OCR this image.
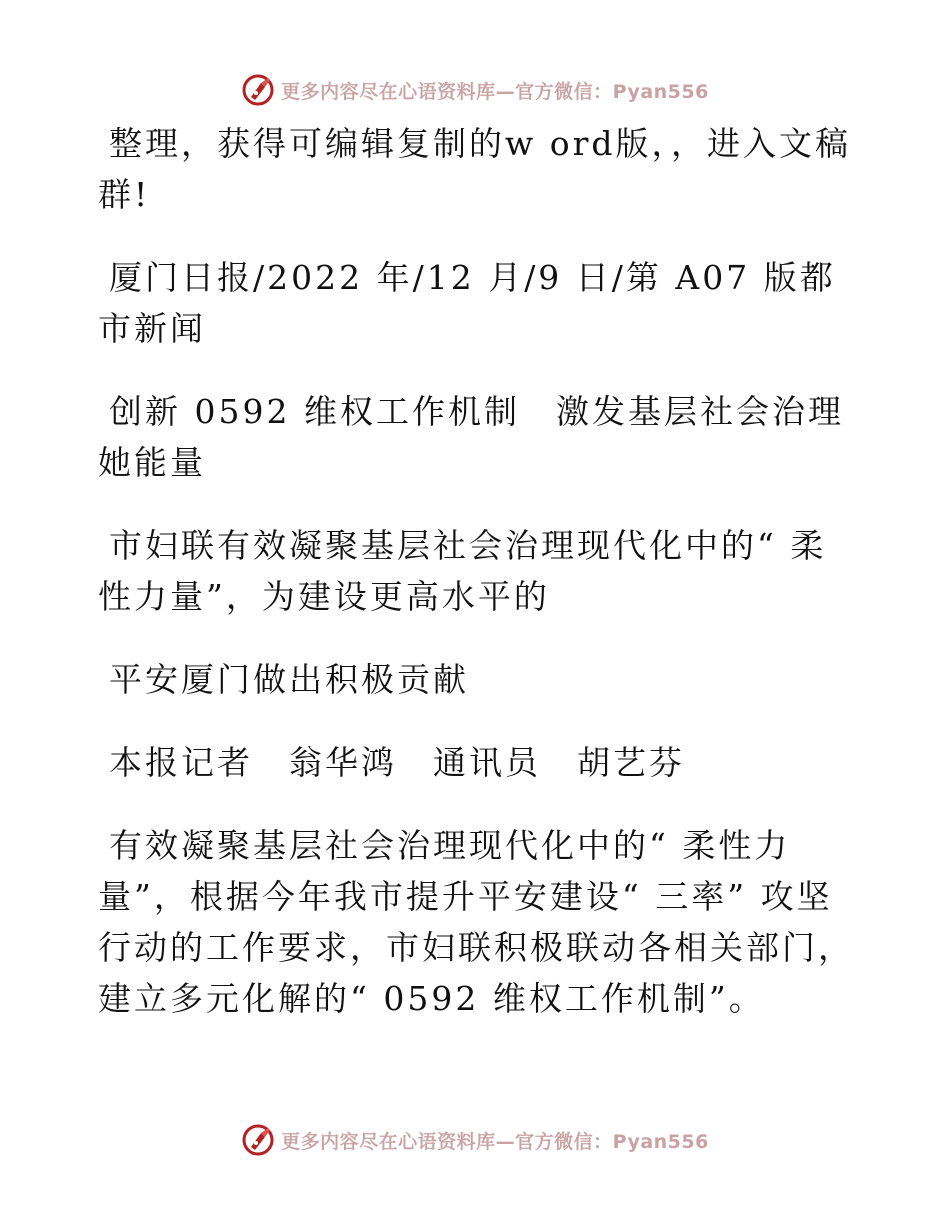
更多内容尽在心语资料库—官方微信：Pyan556

整理，获得可编辑复制的w ord版，，进入文稿群!

厦门日报/2022 年/12 月/9 日/第 A07 版都市新闻

创新 0592 维权工作机制　激发基层社会治理她能量

市妇联有效凝聚基层社会治理现代化中的“ 柔性力量”，为建设更高水平的

平安厦门做出积极贡献

本报记者　翁华鸿　通讯员　胡艺芬

有效凝聚基层社会治理现代化中的“ 柔性力量”，根据今年我市提升平安建设“ 三率” 攻坚行动的工作要求，市妇联积极联动各相关部门，建立多元化解的“ 0592 维权工作机制”。

更多内容尽在心语资料库—官方微信：Pyan556
